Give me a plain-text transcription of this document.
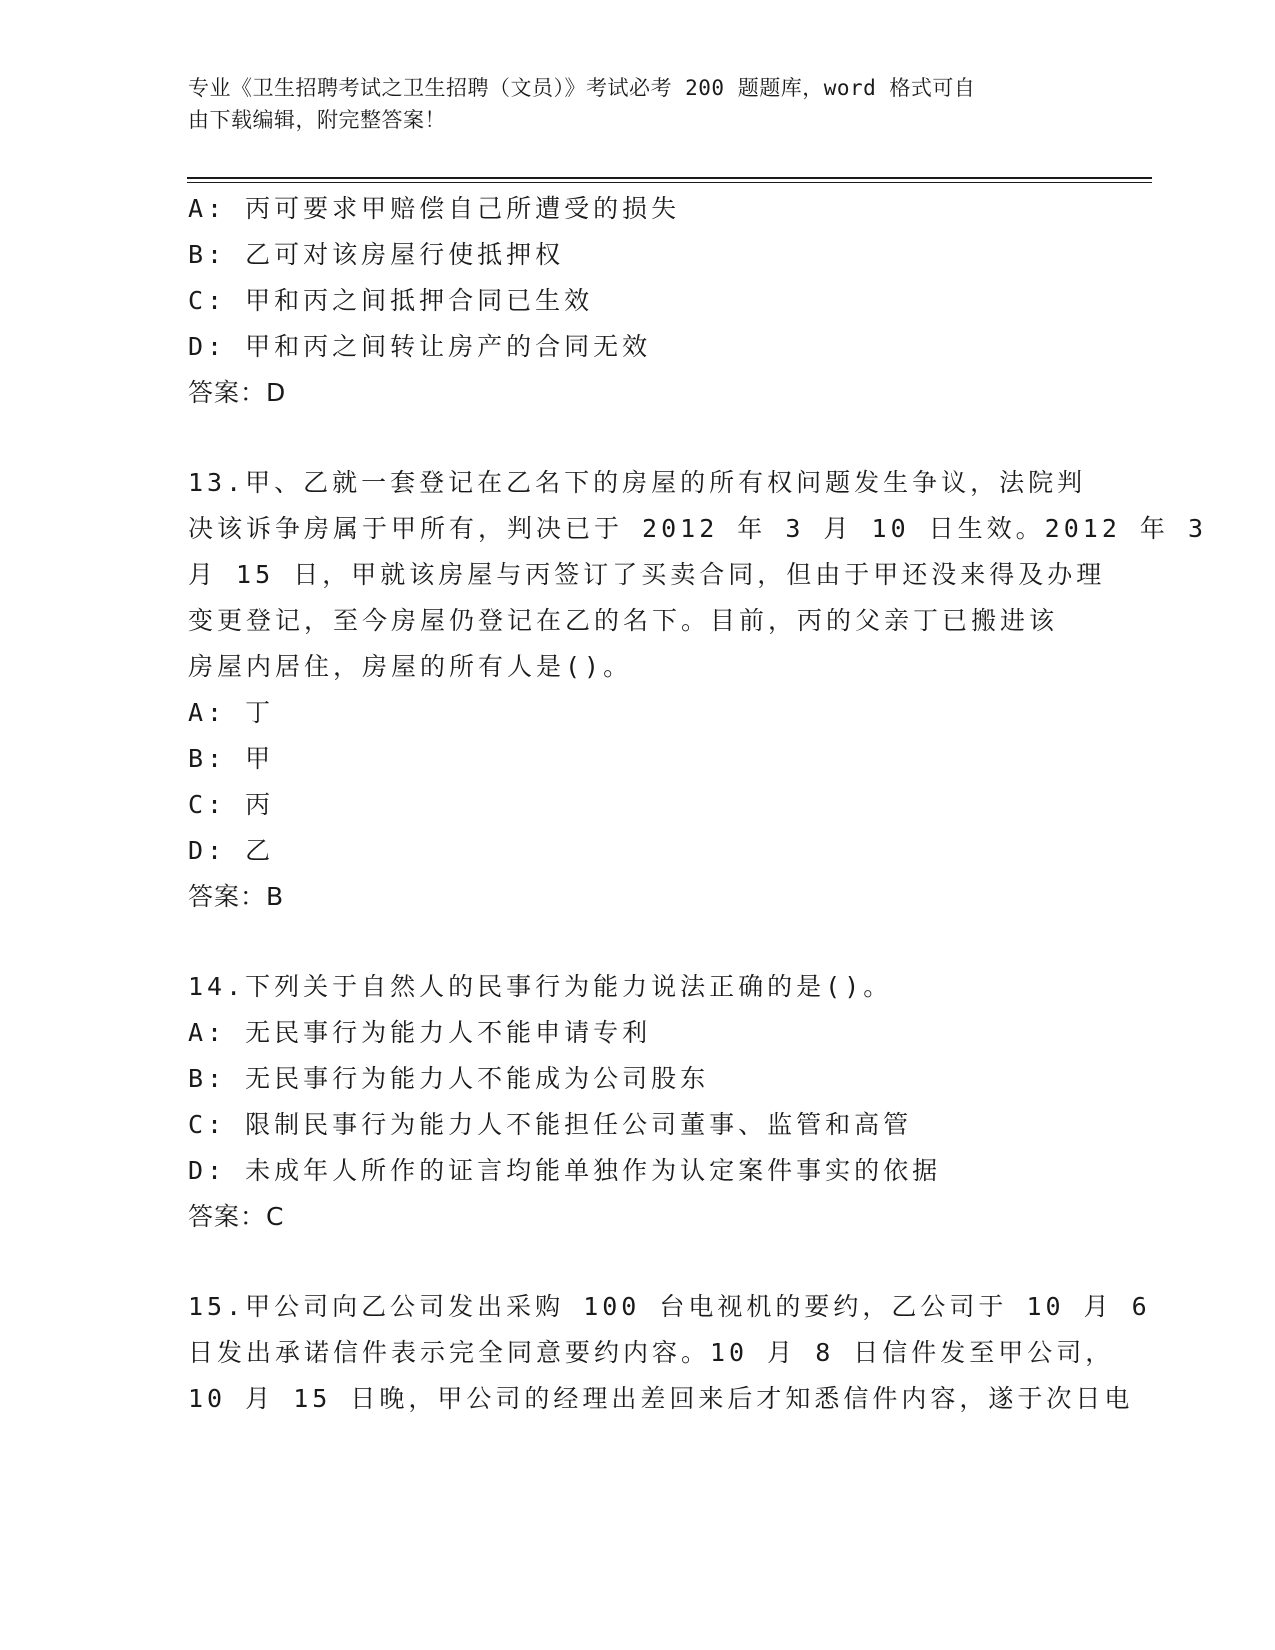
专业《卫生招聘考试之卫生招聘（文员）》考试必考 200 题题库，word 格式可自
由下载编辑，附完整答案！
A: 丙可要求甲赔偿自己所遭受的损失
B: 乙可对该房屋行使抵押权
C: 甲和丙之间抵押合同已生效
D: 甲和丙之间转让房产的合同无效
答案：D
13.甲、乙就一套登记在乙名下的房屋的所有权问题发生争议，法院判
决该诉争房属于甲所有，判决已于 2012 年 3 月 10 日生效。2012 年 3
月 15 日，甲就该房屋与丙签订了买卖合同，但由于甲还没来得及办理
变更登记，至今房屋仍登记在乙的名下。目前，丙的父亲丁已搬进该
房屋内居住，房屋的所有人是()。
A: 丁
B: 甲
C: 丙
D: 乙
答案：B
14.下列关于自然人的民事行为能力说法正确的是()。
A: 无民事行为能力人不能申请专利
B: 无民事行为能力人不能成为公司股东
C: 限制民事行为能力人不能担任公司董事、监管和高管
D: 未成年人所作的证言均能单独作为认定案件事实的依据
答案：C
15.甲公司向乙公司发出采购 100 台电视机的要约，乙公司于 10 月 6
日发出承诺信件表示完全同意要约内容。10 月 8 日信件发至甲公司，
10 月 15 日晚，甲公司的经理出差回来后才知悉信件内容，遂于次日电
